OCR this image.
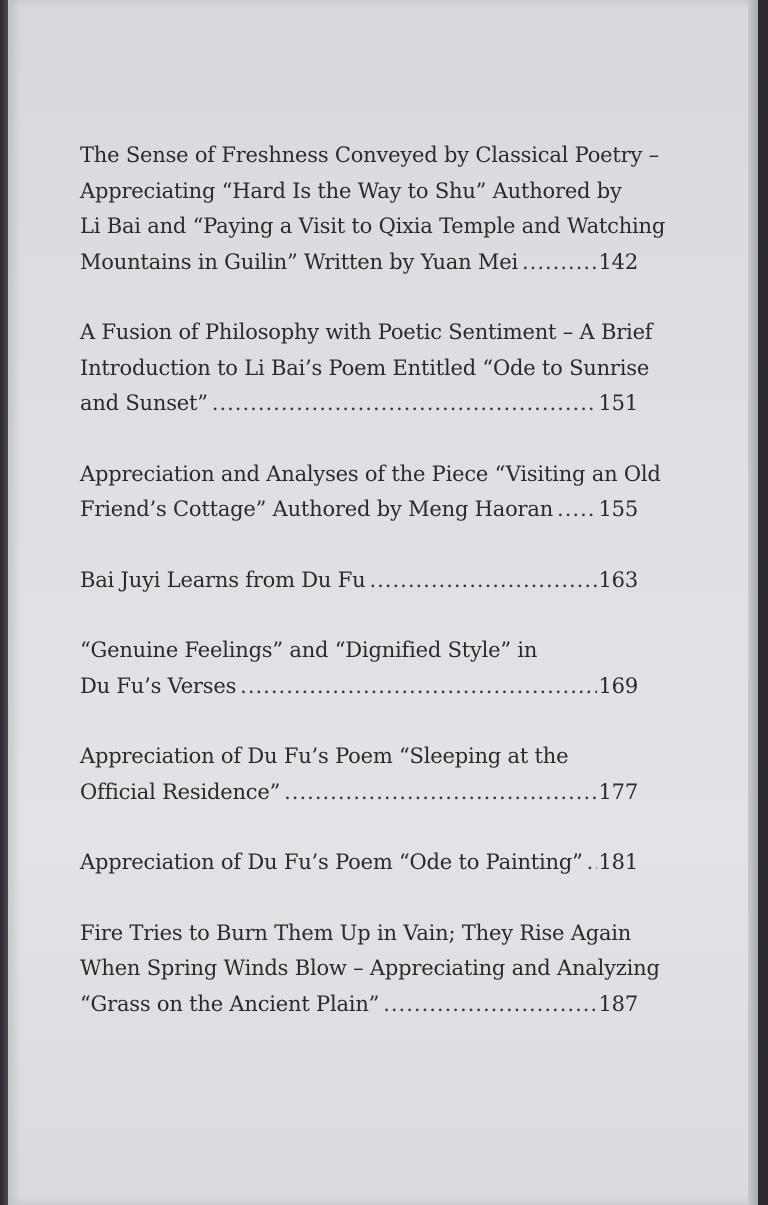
The Sense of Freshness Conveyed by Classical Poetry –
Appreciating “Hard Is the Way to Shu” Authored by
Li Bai and “Paying a Visit to Qixia Temple and Watching
Mountains in Guilin” Written by Yuan Mei .....	142
A Fusion of Philosophy with Poetic Sentiment – A Brief
Introduction to Li Bai’s Poem Entitled “Ode to Sunrise
and Sunset” .....	151
Appreciation and Analyses of the Piece “Visiting an Old
Friend’s Cottage” Authored by Meng Haoran ..... 155
Bai Juyi Learns from Du Fu .....	163
“Genuine Feelings” and “Dignified Style” in
Du Fu’s Verses .....	169
Appreciation of Du Fu’s Poem “Sleeping at the
Official Residence” .....	177
Appreciation of Du Fu’s Poem “Ode to Painting” ..... 181
Fire Tries to Burn Them Up in Vain; They Rise Again
When Spring Winds Blow – Appreciating and Analyzing
“Grass on the Ancient Plain” .....	187
